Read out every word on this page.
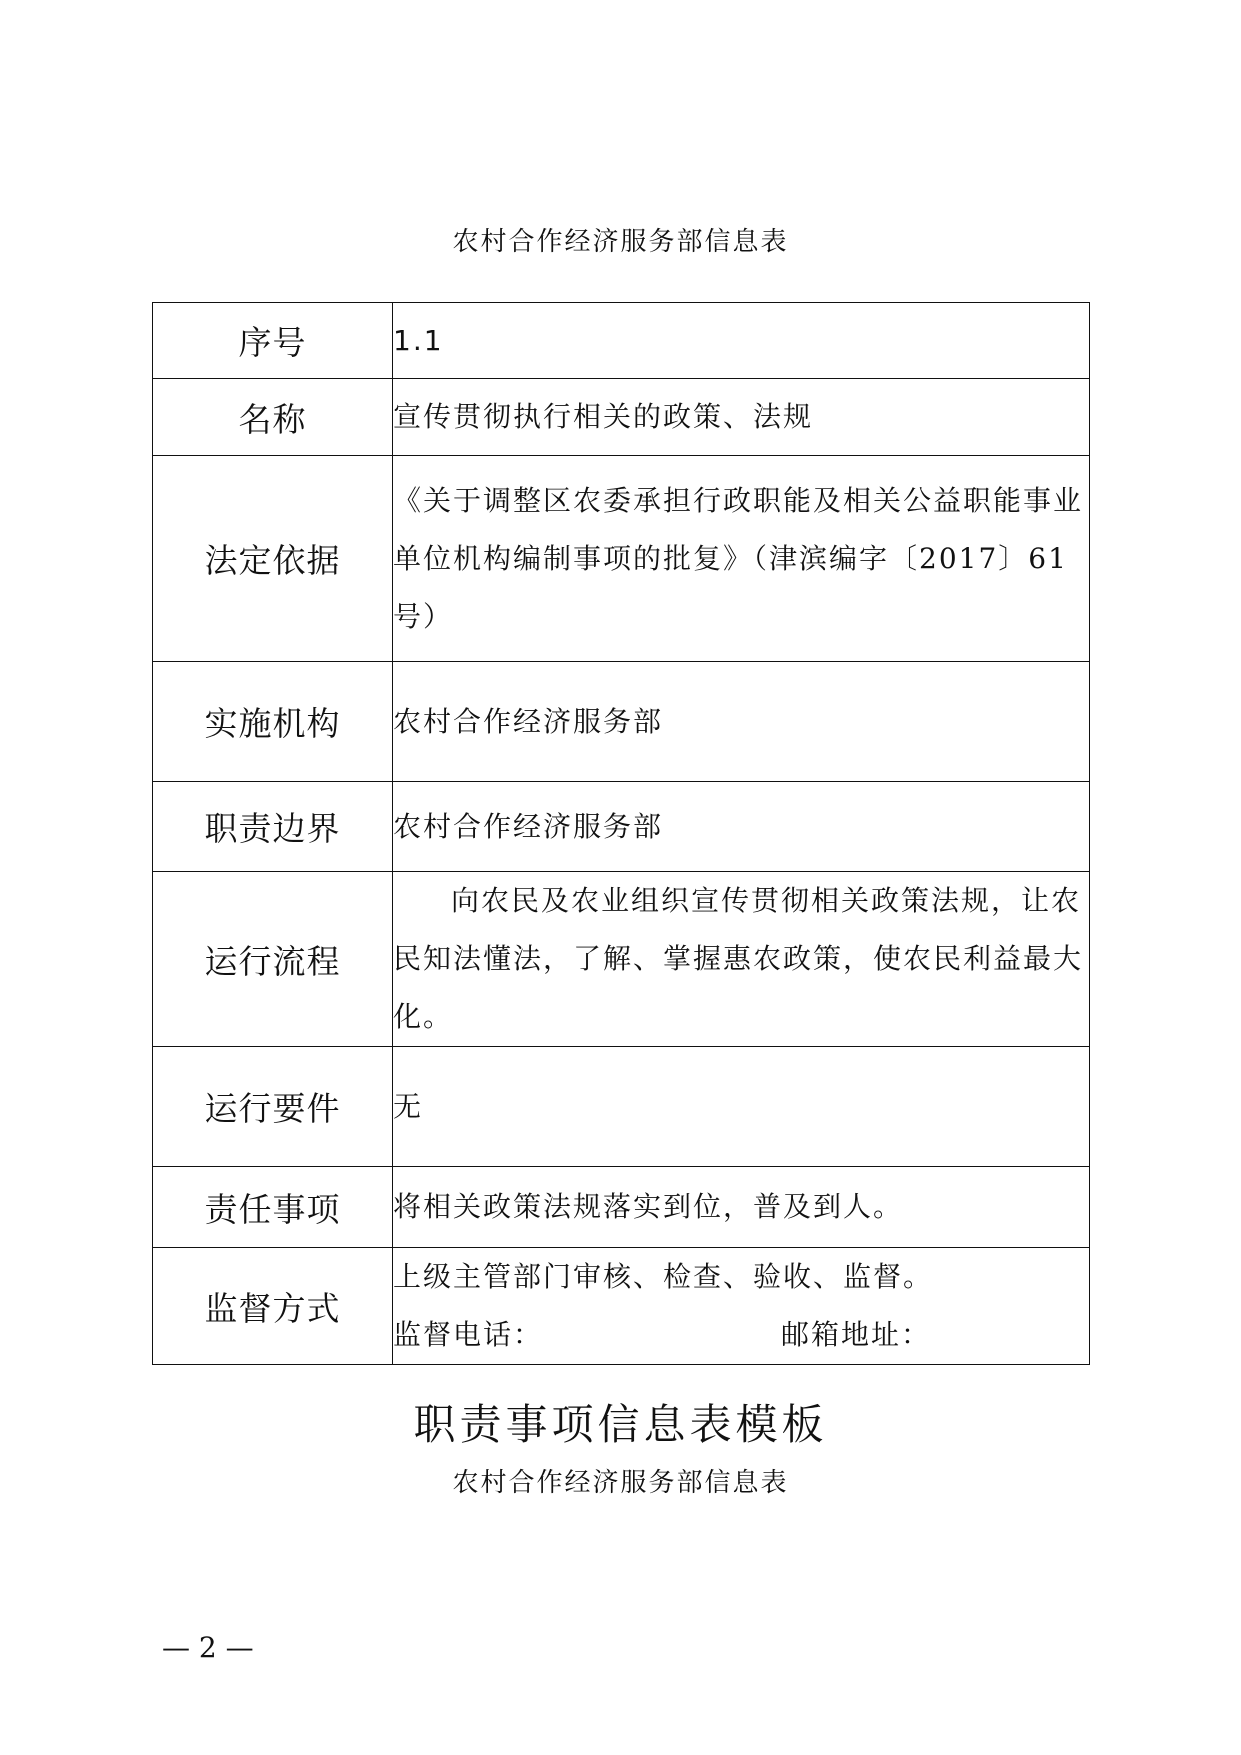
农村合作经济服务部信息表
序号	1.1
名称	宣传贯彻执行相关的政策、法规
法定依据	《关于调整区农委承担行政职能及相关公益职能事业单位机构编制事项的批复》（津滨编字〔2017〕61号）
实施机构	农村合作经济服务部
职责边界	农村合作经济服务部
运行流程	向农民及农业组织宣传贯彻相关政策法规，让农民知法懂法，了解、掌握惠农政策，使农民利益最大化。
运行要件	无
责任事项	将相关政策法规落实到位，普及到人。
监督方式	上级主管部门审核、检查、验收、监督。
监督电话： 邮箱地址：
职责事项信息表模板
农村合作经济服务部信息表
— 2 —
